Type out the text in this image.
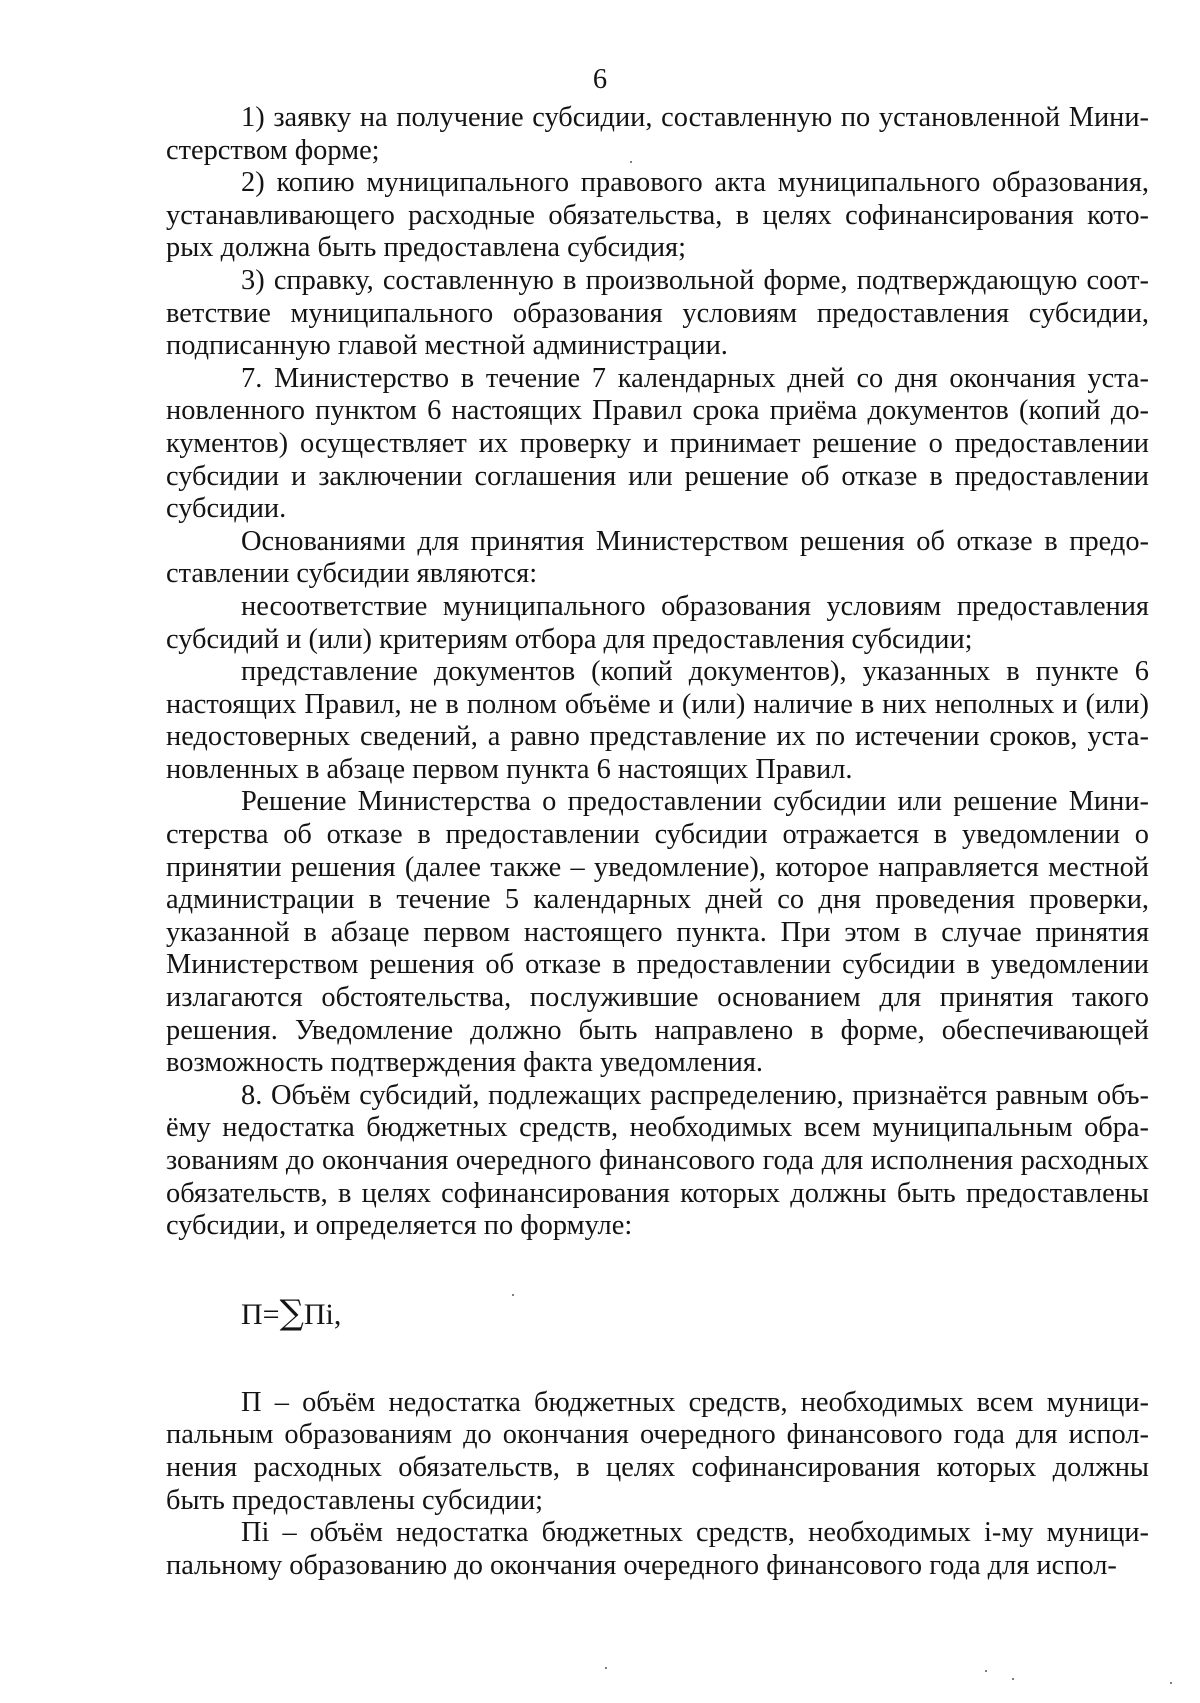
6

1) заявку на получение субсидии, составленную по установленной Министерством форме;

2) копию муниципального правового акта муниципального образования, устанавливающего расходные обязательства, в целях софинансирования которых должна быть предоставлена субсидия;

3) справку, составленную в произвольной форме, подтверждающую соответствие муниципального образования условиям предоставления субсидии, подписанную главой местной администрации.

7. Министерство в течение 7 календарных дней со дня окончания установленного пунктом 6 настоящих Правил срока приёма документов (копий документов) осуществляет их проверку и принимает решение о предоставлении субсидии и заключении соглашения или решение об отказе в предоставлении субсидии.

Основаниями для принятия Министерством решения об отказе в предоставлении субсидии являются:

несоответствие муниципального образования условиям предоставления субсидий и (или) критериям отбора для предоставления субсидии;

представление документов (копий документов), указанных в пункте 6 настоящих Правил, не в полном объёме и (или) наличие в них неполных и (или) недостоверных сведений, а равно представление их по истечении сроков, установленных в абзаце первом пункта 6 настоящих Правил.

Решение Министерства о предоставлении субсидии или решение Министерства об отказе в предоставлении субсидии отражается в уведомлении о принятии решения (далее также – уведомление), которое направляется местной администрации в течение 5 календарных дней со дня проведения проверки, указанной в абзаце первом настоящего пункта. При этом в случае принятия Министерством решения об отказе в предоставлении субсидии в уведомлении излагаются обстоятельства, послужившие основанием для принятия такого решения. Уведомление должно быть направлено в форме, обеспечивающей возможность подтверждения факта уведомления.

8. Объём субсидий, подлежащих распределению, признаётся равным объёму недостатка бюджетных средств, необходимых всем муниципальным образованиям до окончания очередного финансового года для исполнения расходных обязательств, в целях софинансирования которых должны быть предоставлены субсидии, и определяется по формуле:

П=∑Пi,

П – объём недостатка бюджетных средств, необходимых всем муниципальным образованиям до окончания очередного финансового года для исполнения расходных обязательств, в целях софинансирования которых должны быть предоставлены субсидии;

Пi – объём недостатка бюджетных средств, необходимых i-му муниципальному образованию до окончания очередного финансового года для испол-
